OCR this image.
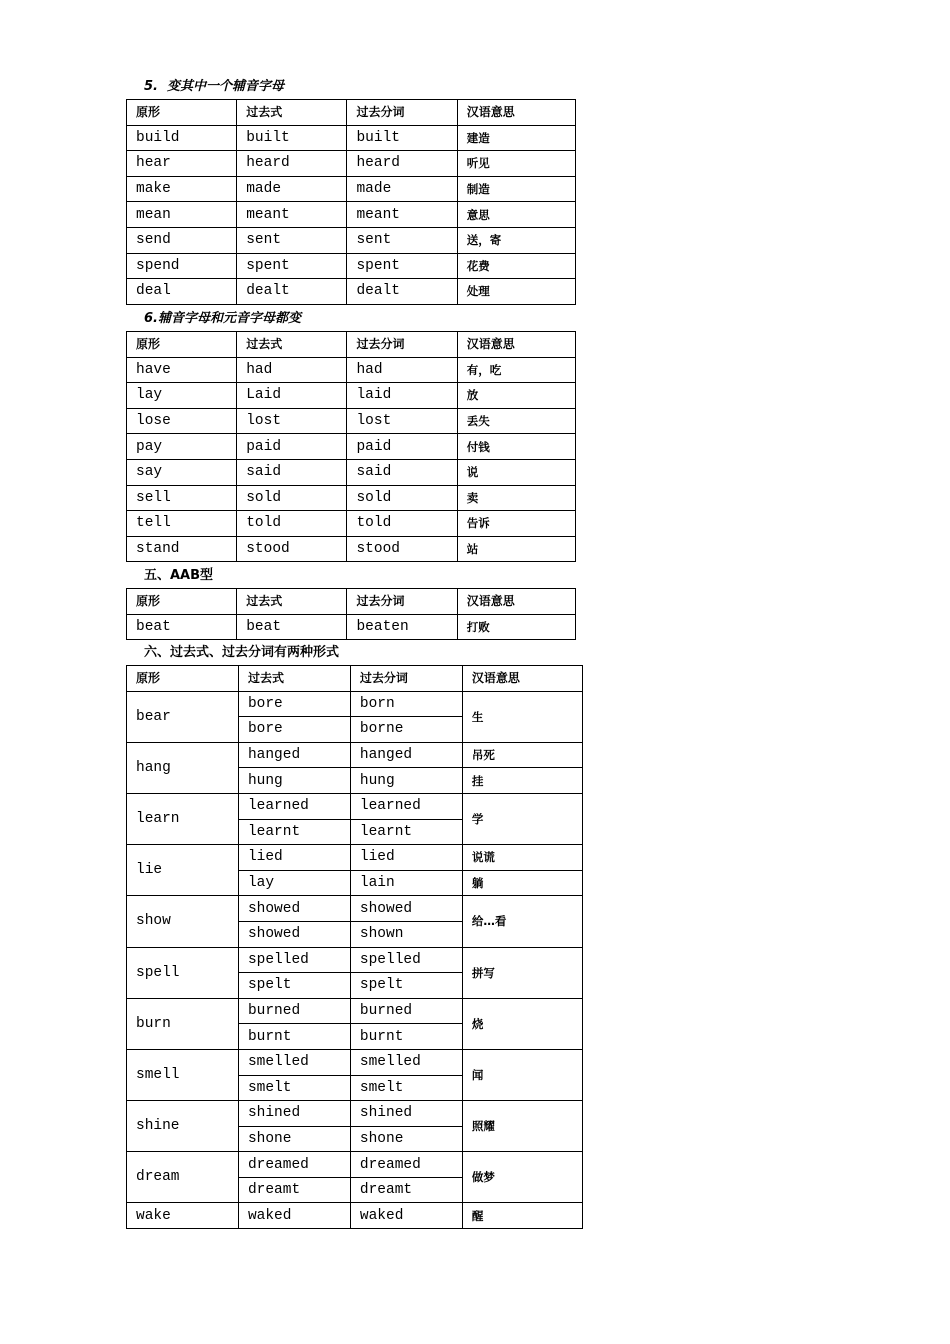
5. 变其中一个辅音字母
原形	过去式	过去分词	汉语意思
build	built	built	建造
hear	heard	heard	听见
make	made	made	制造
mean	meant	meant	意思
send	sent	sent	送，寄
spend	spent	spent	花费
deal	dealt	dealt	处理
6.辅音字母和元音字母都变
原形	过去式	过去分词	汉语意思
have	had	had	有，吃
lay	Laid	laid	放
lose	lost	lost	丢失
pay	paid	paid	付钱
say	said	said	说
sell	sold	sold	卖
tell	told	told	告诉
stand	stood	stood	站
五、AAB型
原形	过去式	过去分词	汉语意思
beat	beat	beaten	打败
六、过去式、过去分词有两种形式
原形	过去式	过去分词	汉语意思
bear	bore	born	生
	bore	borne	
hang	hanged	hanged	吊死
	hung	hung	挂
learn	learned	learned	学
	learnt	learnt	
lie	lied	lied	说谎
	lay	lain	躺
show	showed	showed	给…看
	showed	shown	
spell	spelled	spelled	拼写
	spelt	spelt	
burn	burned	burned	烧
	burnt	burnt	
smell	smelled	smelled	闻
	smelt	smelt	
shine	shined	shined	照耀
	shone	shone	
dream	dreamed	dreamed	做梦
	dreamt	dreamt	
wake	waked	waked	醒
